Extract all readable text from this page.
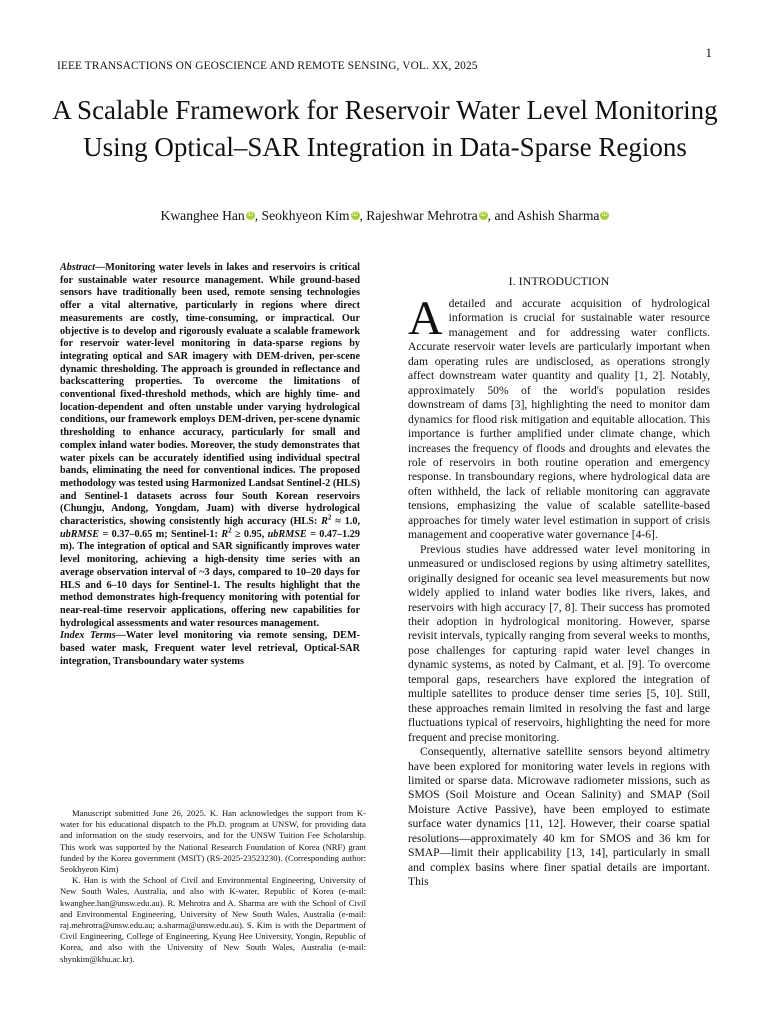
1
IEEE TRANSACTIONS ON GEOSCIENCE AND REMOTE SENSING, VOL. XX, 2025
A Scalable Framework for Reservoir Water Level Monitoring Using Optical–SAR Integration in Data-Sparse Regions
Kwanghee Han iD , Seokhyeon Kim iD , Rajeshwar Mehrotra iD , and Ashish Sharma iD

Abstract—Monitoring water levels in lakes and reservoirs is critical for sustainable water resource management. While ground-based sensors have traditionally been used, remote sensing technologies offer a vital alternative, particularly in regions where direct measurements are costly, time-consuming, or impractical. Our objective is to develop and rigorously evaluate a scalable framework for reservoir water-level monitoring in data-sparse regions by integrating optical and SAR imagery with DEM-driven, per-scene dynamic thresholding. The approach is grounded in reflectance and backscattering properties. To overcome the limitations of conventional fixed-threshold methods, which are highly time- and location-dependent and often unstable under varying hydrological conditions, our framework employs DEM-driven, per-scene dynamic thresholding to enhance accuracy, particularly for small and complex inland water bodies. Moreover, the study demonstrates that water pixels can be accurately identified using individual spectral bands, eliminating the need for conventional indices. The proposed methodology was tested using Harmonized Landsat Sentinel-2 (HLS) and Sentinel-1 datasets across four South Korean reservoirs (Chungju, Andong, Yongdam, Juam) with diverse hydrological characteristics, showing consistently high accuracy (HLS: $R^2 \approx 1.0$, ubRMSE = 0.37–0.65 m; Sentinel-1: $R^2 \ge 0.95$, ubRMSE = 0.47–1.29 m). The integration of optical and SAR significantly improves water level monitoring, achieving a high-density time series with an average observation interval of ~3 days, compared to 10–20 days for HLS and 6–10 days for Sentinel-1. The results highlight that the method demonstrates high-frequency monitoring with potential for near-real-time reservoir applications, offering new capabilities for hydrological assessments and water resources management.

Index Terms—Water level monitoring via remote sensing, DEM-based water mask, Frequent water level retrieval, Optical-SAR integration, Transboundary water systems

Manuscript submitted June 26, 2025. K. Han acknowledges the support from K-water for his educational dispatch to the Ph.D. program at UNSW, for providing data and information on the study reservoirs, and for the UNSW Tuition Fee Scholarship. This work was supported by the National Research Foundation of Korea (NRF) grant funded by the Korea government (MSIT) (RS-2025-23523230). (Corresponding author: Seokhyeon Kim)

K. Han is with the School of Civil and Environmental Engineering, University of New South Wales, Australia, and also with K-water, Republic of Korea (e-mail: kwanghee.han@unsw.edu.au). R. Mehrotra and A. Sharma are with the School of Civil and Environmental Engineering, University of New South Wales, Australia (e-mail: raj.mehrotra@unsw.edu.au; a.sharma@unsw.edu.au). S. Kim is with the Department of Civil Engineering, College of Engineering, Kyung Hee University, Yongin, Republic of Korea, and also with the University of New South Wales, Australia (e-mail: shynkim@khu.ac.kr).

I. INTRODUCTION

A detailed and accurate acquisition of hydrological information is crucial for sustainable water resource management and for addressing water conflicts. Accurate reservoir water levels are particularly important when dam operating rules are undisclosed, as operations strongly affect downstream water quantity and quality [1, 2]. Notably, approximately 50% of the world's population resides downstream of dams [3], highlighting the need to monitor dam dynamics for flood risk mitigation and equitable allocation. This importance is further amplified under climate change, which increases the frequency of floods and droughts and elevates the role of reservoirs in both routine operation and emergency response. In transboundary regions, where hydrological data are often withheld, the lack of reliable monitoring can aggravate tensions, emphasizing the value of scalable satellite-based approaches for timely water level estimation in support of crisis management and cooperative water governance [4-6].

Previous studies have addressed water level monitoring in unmeasured or undisclosed regions by using altimetry satellites, originally designed for oceanic sea level measurements but now widely applied to inland water bodies like rivers, lakes, and reservoirs with high accuracy [7, 8]. Their success has promoted their adoption in hydrological monitoring. However, sparse revisit intervals, typically ranging from several weeks to months, pose challenges for capturing rapid water level changes in dynamic systems, as noted by Calmant, et al. [9]. To overcome temporal gaps, researchers have explored the integration of multiple satellites to produce denser time series [5, 10]. Still, these approaches remain limited in resolving the fast and large fluctuations typical of reservoirs, highlighting the need for more frequent and precise monitoring.

Consequently, alternative satellite sensors beyond altimetry have been explored for monitoring water levels in regions with limited or sparse data. Microwave radiometer missions, such as SMOS (Soil Moisture and Ocean Salinity) and SMAP (Soil Moisture Active Passive), have been employed to estimate surface water dynamics [11, 12]. However, their coarse spatial resolutions—approximately 40 km for SMOS and 36 km for SMAP—limit their applicability [13, 14], particularly in small and complex basins where finer spatial details are important. This
